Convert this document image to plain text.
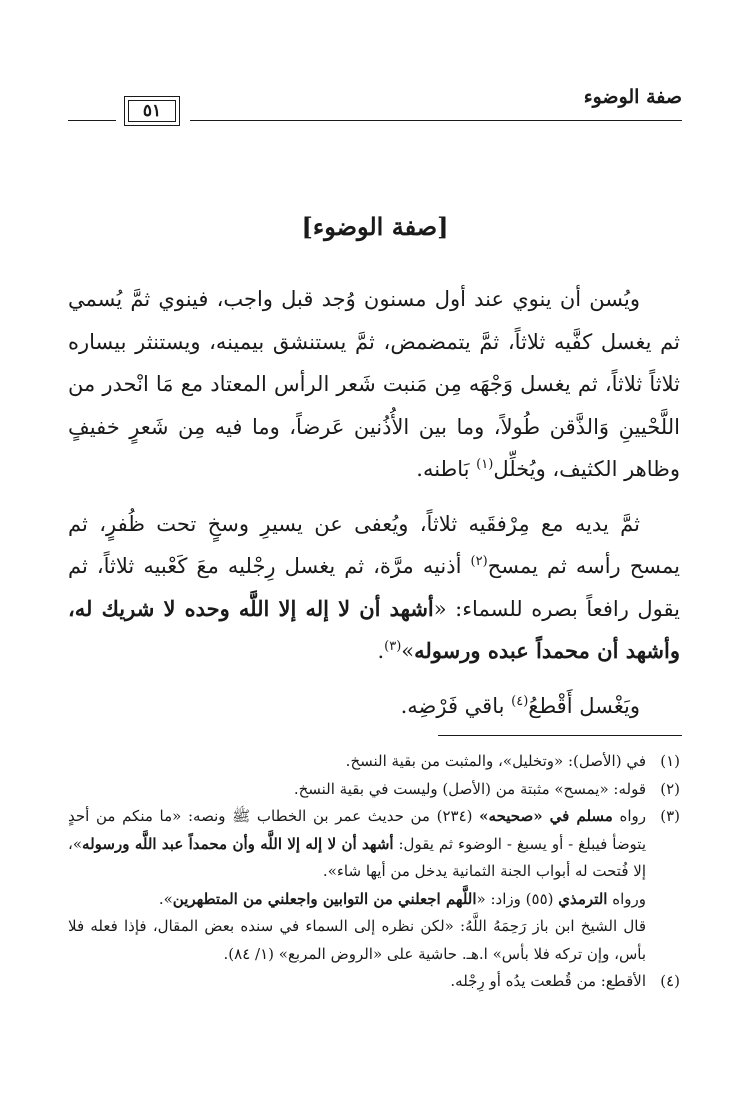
صفة الوضوء
٥١
[صفة الوضوء]

ويُسن أن ينوي عند أول مسنون وُجد قبل واجب، فينوي ثمَّ يُسمي ثم يغسل كفَّيه ثلاثاً، ثمَّ يتمضمض، ثمَّ يستنشق بيمينه، ويستنثر بيساره ثلاثاً ثلاثاً، ثم يغسل وَجْهَه مِن مَنبت شَعر الرأس المعتاد مع مَا انْحدر من اللَّحْيينِ وَالذَّقن طُولاً، وما بين الأُذُنين عَرضاً، وما فيه مِن شَعرٍ خفيفٍ وظاهر الكثيف، ويُخلِّل$^{(١)}$ بَاطنه.

ثمَّ يديه مع مِرْفقَيه ثلاثاً، ويُعفى عن يسيرِ وسخٍ تحت ظُفرٍ، ثم يمسح رأسه ثم يمسح$^{(٢)}$ أذنيه مرَّة، ثم يغسل رِجْليه معَ كَعْبيه ثلاثاً، ثم يقول رافعاً بصره للسماء: «أشهد أن لا إله إلا اللَّه وحده لا شريك له، وأشهد أن محمداً عبده ورسوله»$^{(٣)}$.

ويَغْسل أَقْطعُ$^{(٤)}$ باقي فَرْضِه.

(١)
في (الأصل): «وتخليل»، والمثبت من بقية النسخ.
(٢)
قوله: «يمسح» مثبتة من (الأصل) وليست في بقية النسخ.
(٣)
رواه مسلم في «صحيحه» (٢٣٤) من حديث عمر بن الخطاب ﷺ ونصه: «ما منكم من أحدٍ يتوضأ فيبلغ - أو يسبغ - الوضوء ثم يقول: أشهد أن لا إله إلا اللَّه وأن محمداً عبد اللَّه ورسوله»، إلا فُتحت له أبواب الجنة الثمانية يدخل من أيها شاء».
ورواه الترمذي (٥٥) وزاد: «اللَّهم اجعلني من التوابين واجعلني من المتطهرين».
قال الشيخ ابن باز رَحِمَهُ اللَّهُ: «لكن نظره إلى السماء في سنده بعض المقال، فإذا فعله فلا بأس، وإن تركه فلا بأس» ا.هـ. حاشية على «الروض المربع» (١/ ٨٤).
(٤)
الأقطع: من قُطعت يدُه أو رِجْله.
